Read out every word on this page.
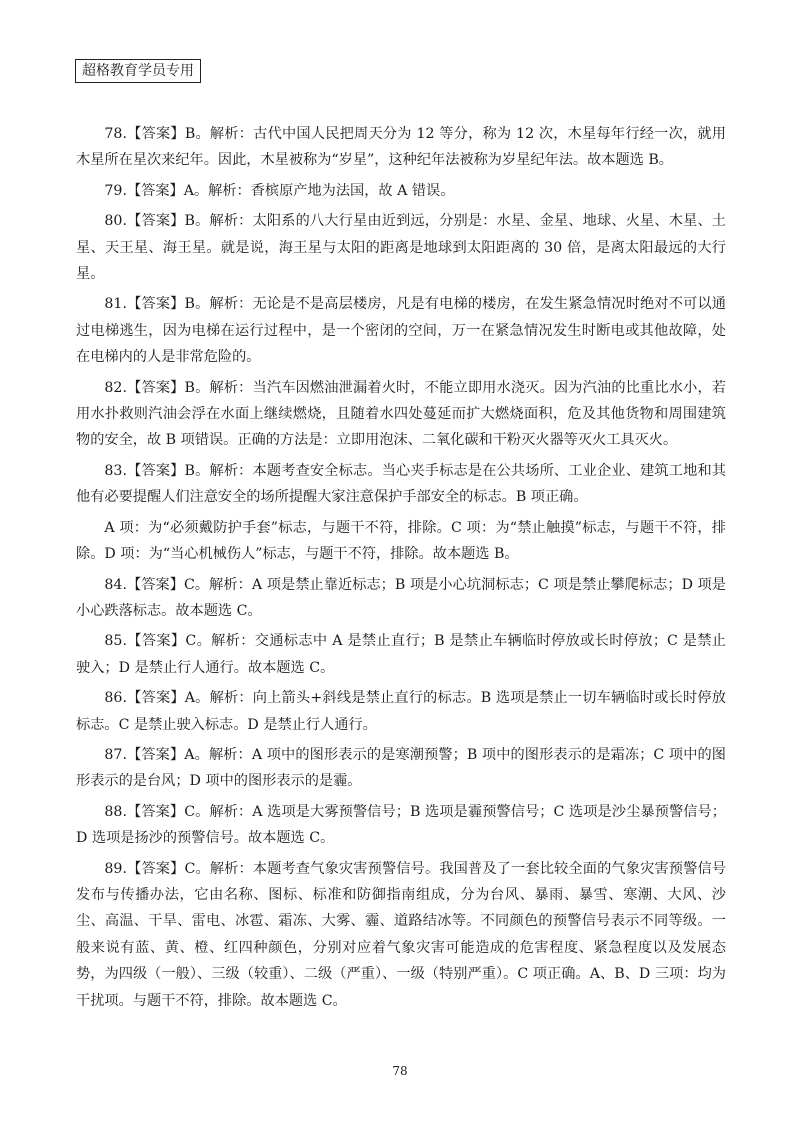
超格教育学员专用

78.【答案】B。解析：古代中国人民把周天分为 12 等分，称为 12 次，木星每年行经一次，就用木星所在星次来纪年。因此，木星被称为“岁星”，这种纪年法被称为岁星纪年法。故本题选 B。

79.【答案】A。解析：香槟原产地为法国，故 A 错误。

80.【答案】B。解析：太阳系的八大行星由近到远，分别是：水星、金星、地球、火星、木星、土星、天王星、海王星。就是说，海王星与太阳的距离是地球到太阳距离的 30 倍，是离太阳最远的大行星。

81.【答案】B。解析：无论是不是高层楼房，凡是有电梯的楼房，在发生紧急情况时绝对不可以通过电梯逃生，因为电梯在运行过程中，是一个密闭的空间，万一在紧急情况发生时断电或其他故障，处在电梯内的人是非常危险的。

82.【答案】B。解析：当汽车因燃油泄漏着火时，不能立即用水浇灭。因为汽油的比重比水小，若用水扑救则汽油会浮在水面上继续燃烧，且随着水四处蔓延而扩大燃烧面积，危及其他货物和周围建筑物的安全，故 B 项错误。正确的方法是：立即用泡沫、二氧化碳和干粉灭火器等灭火工具灭火。

83.【答案】B。解析：本题考查安全标志。当心夹手标志是在公共场所、工业企业、建筑工地和其他有必要提醒人们注意安全的场所提醒大家注意保护手部安全的标志。B 项正确。

A 项：为“必须戴防护手套”标志，与题干不符，排除。C 项：为“禁止触摸”标志，与题干不符，排除。D 项：为“当心机械伤人”标志，与题干不符，排除。故本题选 B。

84.【答案】C。解析：A 项是禁止靠近标志；B 项是小心坑洞标志；C 项是禁止攀爬标志；D 项是小心跌落标志。故本题选 C。

85.【答案】C。解析：交通标志中 A 是禁止直行；B 是禁止车辆临时停放或长时停放；C 是禁止驶入；D 是禁止行人通行。故本题选 C。

86.【答案】A。解析：向上箭头+斜线是禁止直行的标志。B 选项是禁止一切车辆临时或长时停放标志。C 是禁止驶入标志。D 是禁止行人通行。

87.【答案】A。解析：A 项中的图形表示的是寒潮预警；B 项中的图形表示的是霜冻；C 项中的图形表示的是台风；D 项中的图形表示的是霾。

88.【答案】C。解析：A 选项是大雾预警信号；B 选项是霾预警信号；C 选项是沙尘暴预警信号；D 选项是扬沙的预警信号。故本题选 C。

89.【答案】C。解析：本题考查气象灾害预警信号。我国普及了一套比较全面的气象灾害预警信号发布与传播办法，它由名称、图标、标准和防御指南组成，分为台风、暴雨、暴雪、寒潮、大风、沙尘、高温、干旱、雷电、冰雹、霜冻、大雾、霾、道路结冰等。不同颜色的预警信号表示不同等级。一般来说有蓝、黄、橙、红四种颜色，分别对应着气象灾害可能造成的危害程度、紧急程度以及发展态势，为四级（一般）、三级（较重）、二级（严重）、一级（特别严重）。C 项正确。A、B、D 三项：均为干扰项。与题干不符，排除。故本题选 C。

78
